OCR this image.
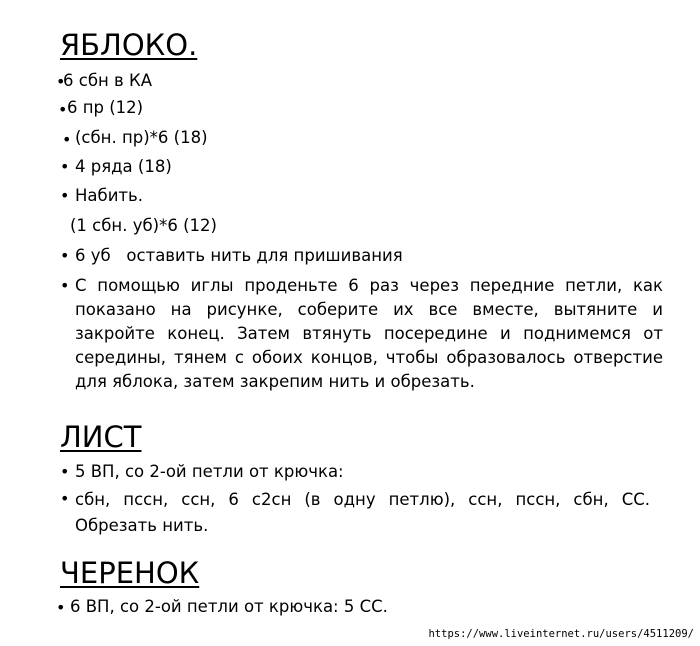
ЯБЛОКО.
•
6 сбн в КА
• 6 пр (12)
• (сбн. пр)*6 (18)
• 4 ряда (18)
• Набить.
(1 сбн. уб)*6 (12)
• 6 уб   оставить нить для пришивания
• С помощью иглы проденьте 6 раз через передние петли, как показано на рисунке, соберите их все вместе, вытяните и закройте конец. Затем втянуть посередине и поднимемся от середины, тянем с обоих концов, чтобы образовалось отверстие для яблока, затем закрепим нить и обрезать.
ЛИСТ
• 5 ВП, со 2-ой петли от крючка:
• сбн, пссн, ссн, 6 с2сн (в одну петлю), ссн, пссн, сбн, СС. Обрезать нить.
ЧЕРЕНОК
• 6 ВП, со 2-ой петли от крючка: 5 СС.
https://www.liveinternet.ru/users/4511209/
